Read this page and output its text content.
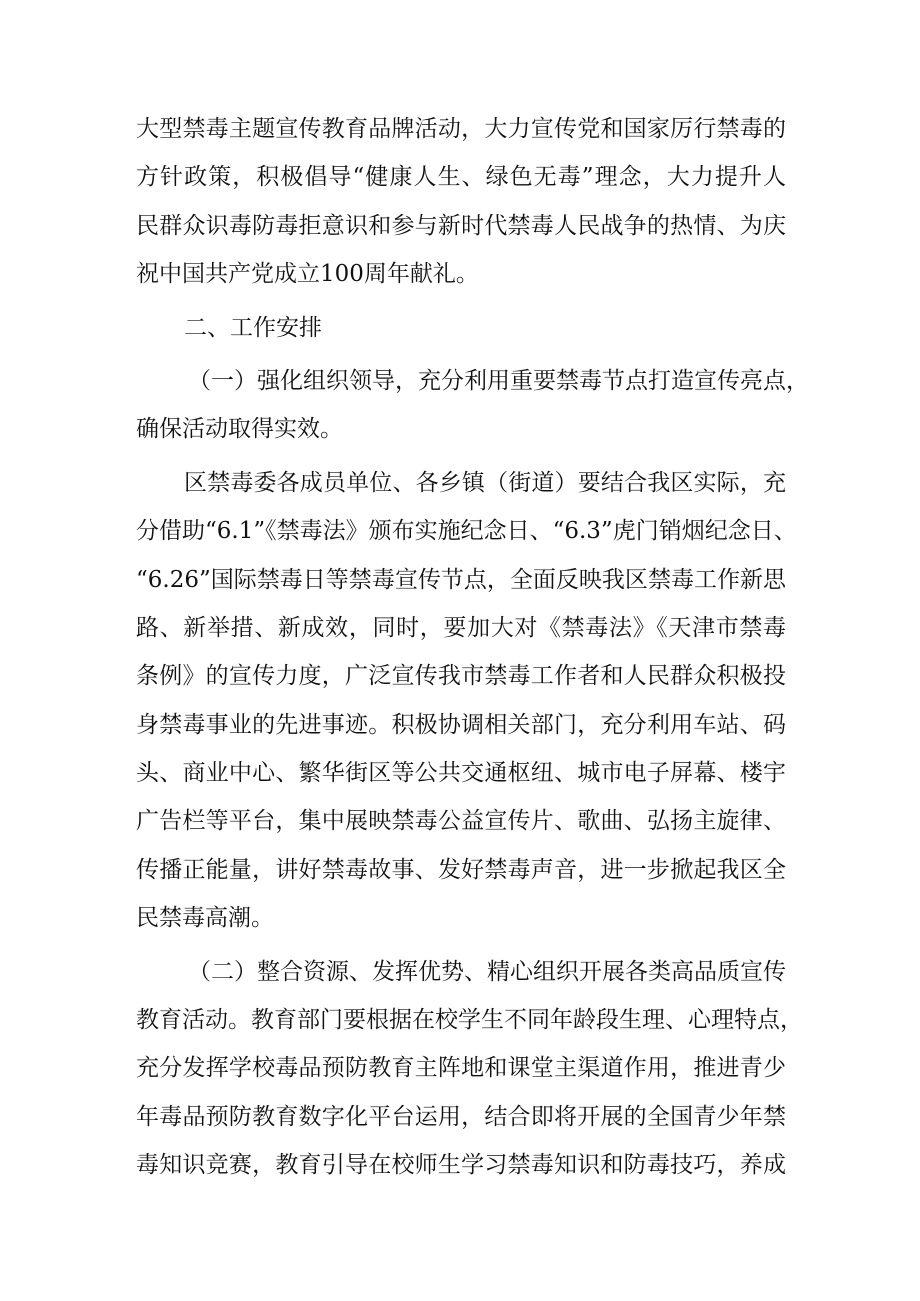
大型禁毒主题宣传教育品牌活动，大力宣传党和国家厉行禁毒的
方针政策，积极倡导“健康人生、绿色无毒”理念，大力提升人
民群众识毒防毒拒意识和参与新时代禁毒人民战争的热情、为庆
祝中国共产党成立100周年献礼。
二、工作安排
（一）强化组织领导，充分利用重要禁毒节点打造宣传亮点，
确保活动取得实效。
区禁毒委各成员单位、各乡镇（街道）要结合我区实际，充
分借助“6.1”《禁毒法》颁布实施纪念日、“6.3”虎门销烟纪念日、
“6.26”国际禁毒日等禁毒宣传节点，全面反映我区禁毒工作新思
路、新举措、新成效，同时，要加大对《禁毒法》《天津市禁毒
条例》的宣传力度，广泛宣传我市禁毒工作者和人民群众积极投
身禁毒事业的先进事迹。积极协调相关部门，充分利用车站、码
头、商业中心、繁华街区等公共交通枢纽、城市电子屏幕、楼宇
广告栏等平台，集中展映禁毒公益宣传片、歌曲、弘扬主旋律、
传播正能量，讲好禁毒故事、发好禁毒声音，进一步掀起我区全
民禁毒高潮。
（二）整合资源、发挥优势、精心组织开展各类高品质宣传
教育活动。教育部门要根据在校学生不同年龄段生理、心理特点，
充分发挥学校毒品预防教育主阵地和课堂主渠道作用，推进青少
年毒品预防教育数字化平台运用，结合即将开展的全国青少年禁
毒知识竞赛，教育引导在校师生学习禁毒知识和防毒技巧，养成
